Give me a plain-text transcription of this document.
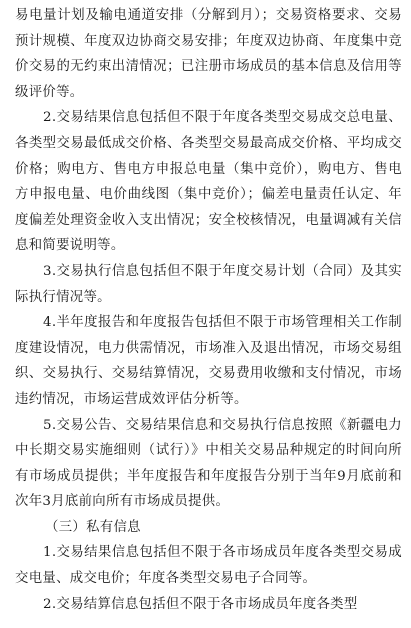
易电量计划及输电通道安排（分解到月）；交易资格要求、交易预计规模、年度双边协商交易安排；年度双边协商、年度集中竞价交易的无约束出清情况；已注册市场成员的基本信息及信用等级评价等。

2.交易结果信息包括但不限于年度各类型交易成交总电量、各类型交易最低成交价格、各类型交易最高成交价格、平均成交价格；购电方、售电方申报总电量（集中竞价），购电方、售电方申报电量、电价曲线图（集中竞价）；偏差电量责任认定、年度偏差处理资金收入支出情况；安全校核情况，电量调减有关信息和简要说明等。

3.交易执行信息包括但不限于年度交易计划（合同）及其实际执行情况等。

4.半年度报告和年度报告包括但不限于市场管理相关工作制度建设情况，电力供需情况，市场准入及退出情况，市场交易组织、交易执行、交易结算情况，交易费用收缴和支付情况，市场违约情况，市场运营成效评估分析等。

5.交易公告、交易结果信息和交易执行信息按照《新疆电力中长期交易实施细则（试行）》中相关交易品种规定的时间向所有市场成员提供；半年度报告和年度报告分别于当年9月底前和次年3月底前向所有市场成员提供。

（三）私有信息

1.交易结果信息包括但不限于各市场成员年度各类型交易成交电量、成交电价；年度各类型交易电子合同等。

2.交易结算信息包括但不限于各市场成员年度各类型
